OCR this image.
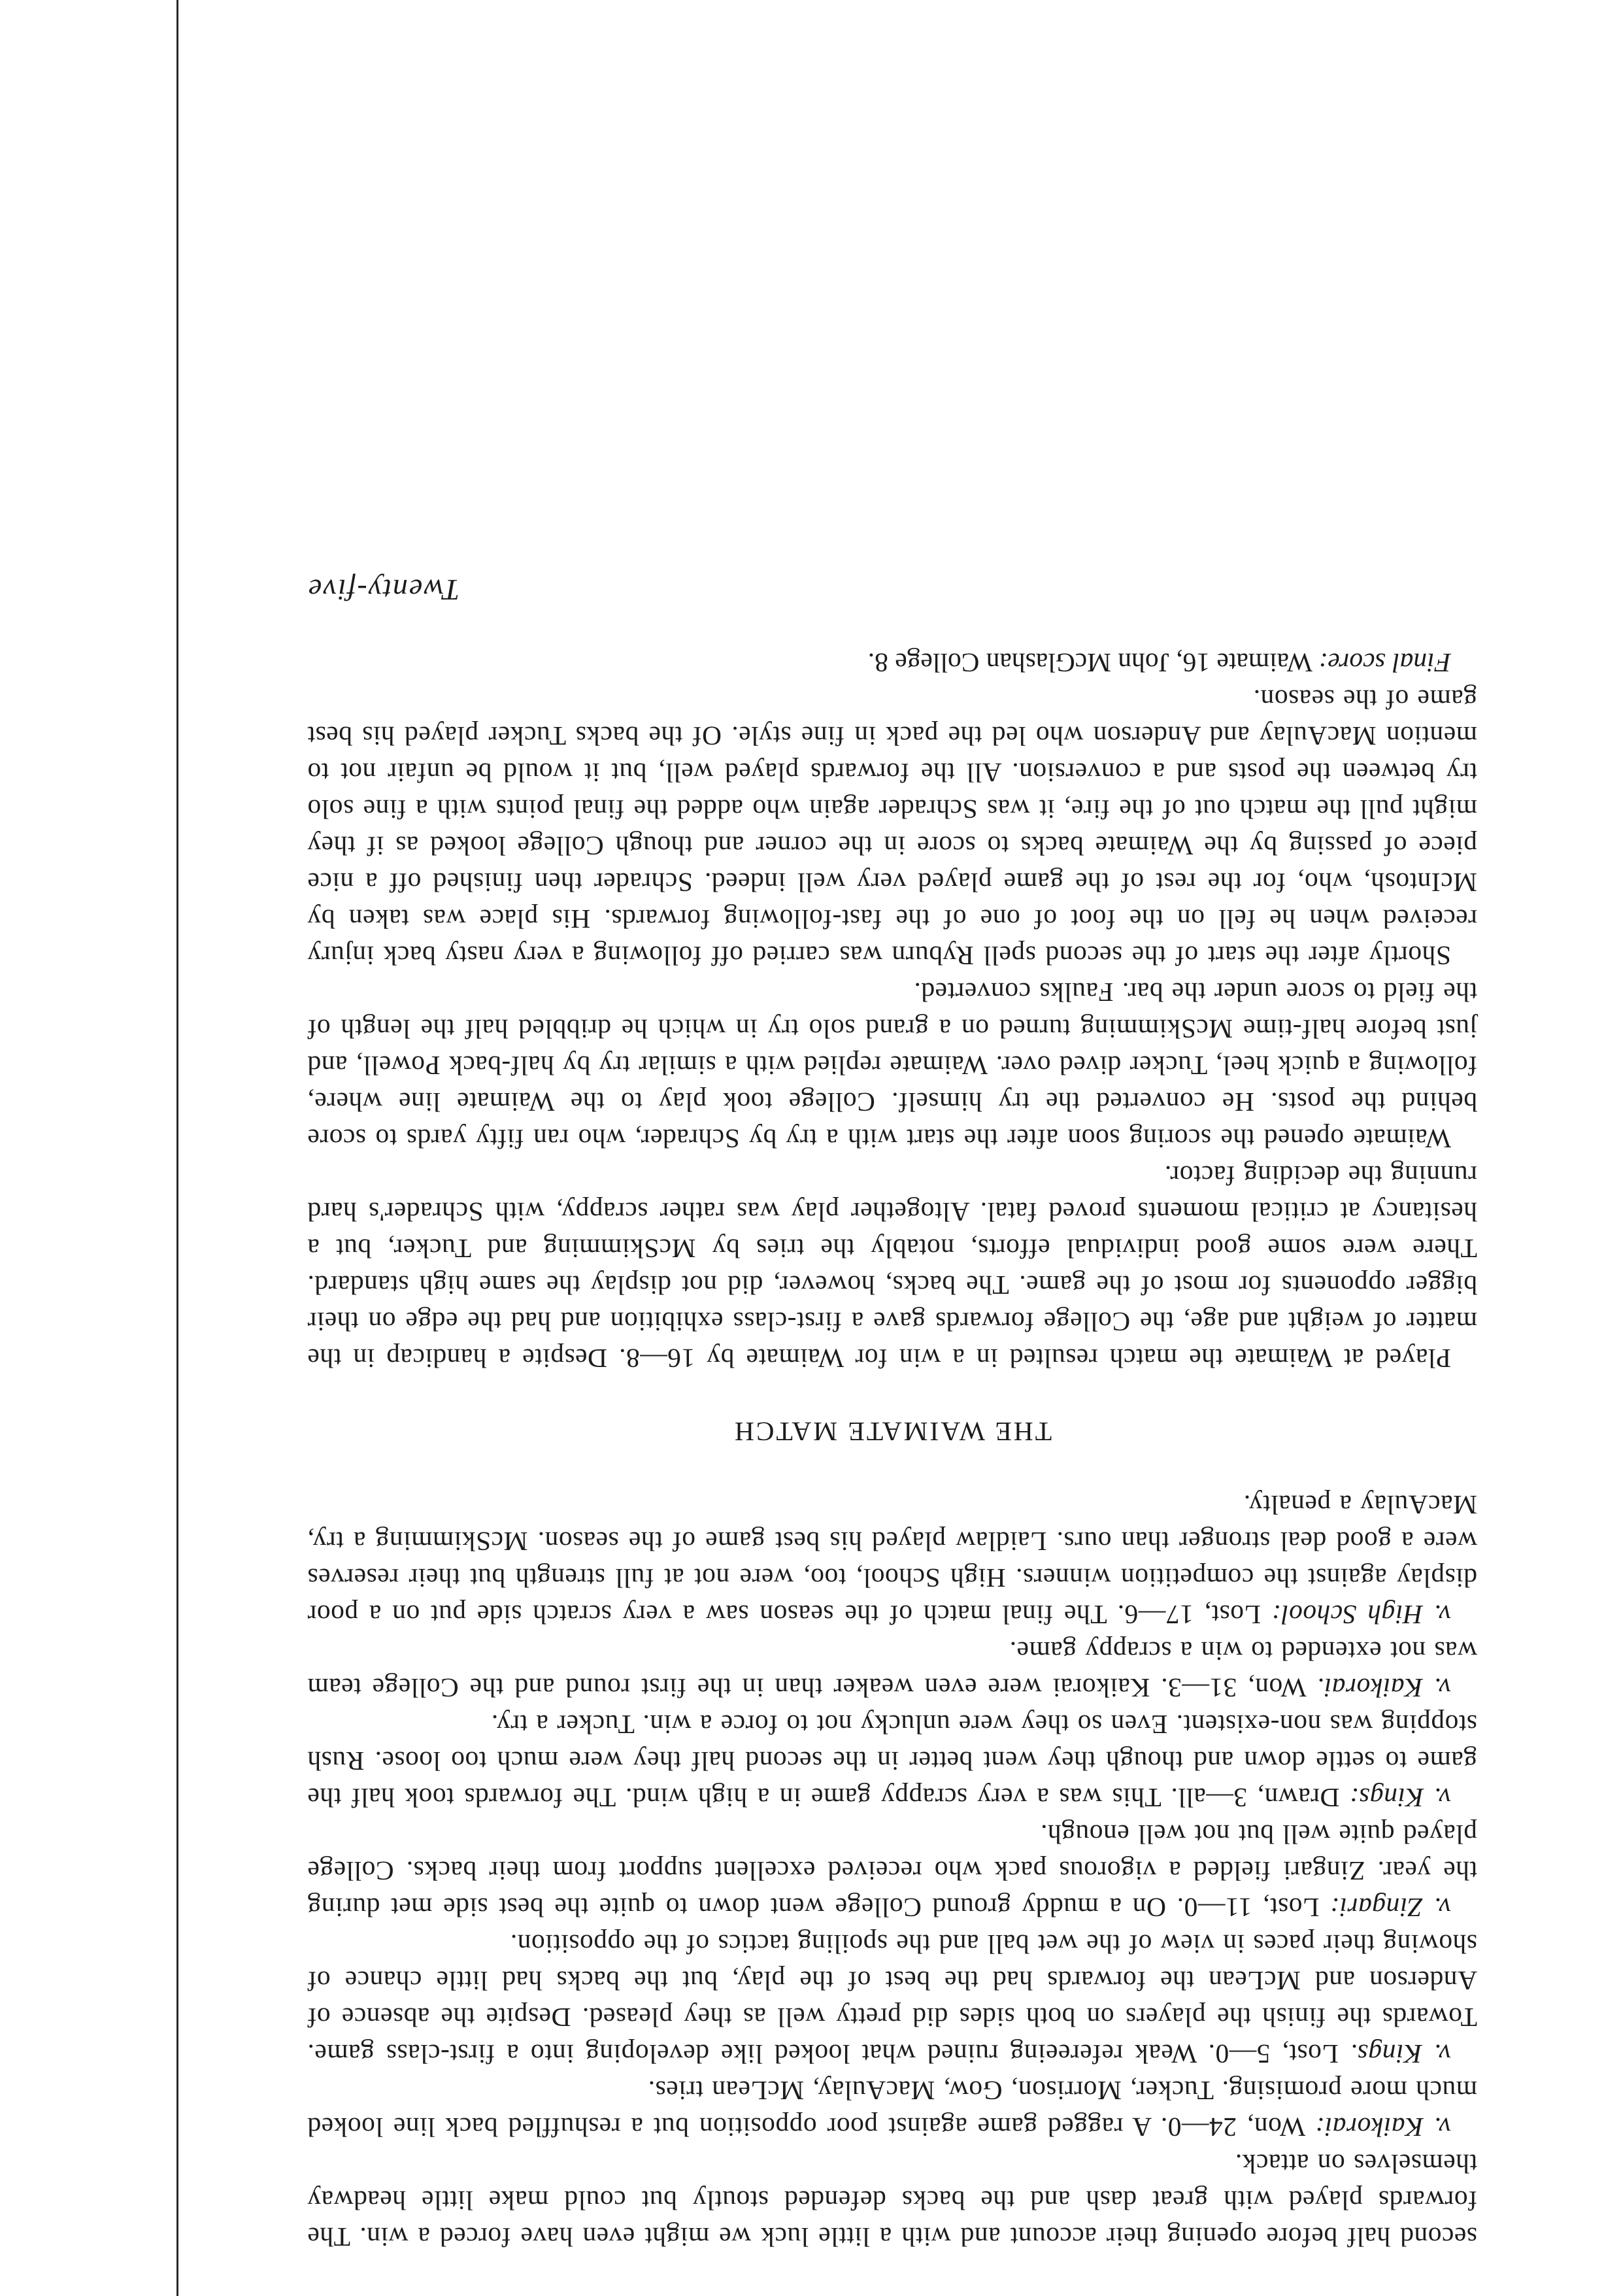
second half before opening their account and with a little luck we might even have forced a win. The forwards played with great dash and the backs defended stoutly but could make little headway themselves on attack.

v. Kaikorai: Won, 24—0. A ragged game against poor opposition but a reshuffled back line looked much more promising. Tucker, Morrison, Gow, MacAulay, McLean tries.

v. Kings. Lost, 5—0. Weak refereeing ruined what looked like developing into a first-class game. Towards the finish the players on both sides did pretty well as they pleased. Despite the absence of Anderson and McLean the forwards had the best of the play, but the backs had little chance of showing their paces in view of the wet ball and the spoiling tactics of the opposition.

v. Zingari: Lost, 11—0. On a muddy ground College went down to quite the best side met during the year. Zingari fielded a vigorous pack who received excellent support from their backs. College played quite well but not well enough.

v. Kings: Drawn, 3—all. This was a very scrappy game in a high wind. The forwards took half the game to settle down and though they went better in the second half they were much too loose. Rush stopping was non-existent. Even so they were unlucky not to force a win. Tucker a try.

v. Kaikorai. Won, 31—3. Kaikorai were even weaker than in the first round and the College team was not extended to win a scrappy game.

v. High School: Lost, 17—6. The final match of the season saw a very scratch side put on a poor display against the competition winners. High School, too, were not at full strength but their reserves were a good deal stronger than ours. Laidlaw played his best game of the season. McSkimming a try, MacAulay a penalty.

THE WAIMATE MATCH

Played at Waimate the match resulted in a win for Waimate by 16—8. Despite a handicap in the matter of weight and age, the College forwards gave a first-class exhibition and had the edge on their bigger opponents for most of the game. The backs, however, did not display the same high standard. There were some good individual efforts, notably the tries by McSkimming and Tucker, but a hesitancy at critical moments proved fatal. Altogether play was rather scrappy, with Schrader's hard running the deciding factor.

Waimate opened the scoring soon after the start with a try by Schrader, who ran fifty yards to score behind the posts. He converted the try himself. College took play to the Waimate line where, following a quick heel, Tucker dived over. Waimate replied with a similar try by half-back Powell, and just before half-time McSkimming turned on a grand solo try in which he dribbled half the length of the field to score under the bar. Faulks converted.

Shortly after the start of the second spell Ryburn was carried off following a very nasty back injury received when he fell on the foot of one of the fast-following forwards. His place was taken by McIntosh, who, for the rest of the game played very well indeed. Schrader then finished off a nice piece of passing by the Waimate backs to score in the corner and though College looked as if they might pull the match out of the fire, it was Schrader again who added the final points with a fine solo try between the posts and a conversion. All the forwards played well, but it would be unfair not to mention MacAulay and Anderson who led the pack in fine style. Of the backs Tucker played his best game of the season.

Final score: Waimate 16, John McGlashan College 8.

Twenty-five
